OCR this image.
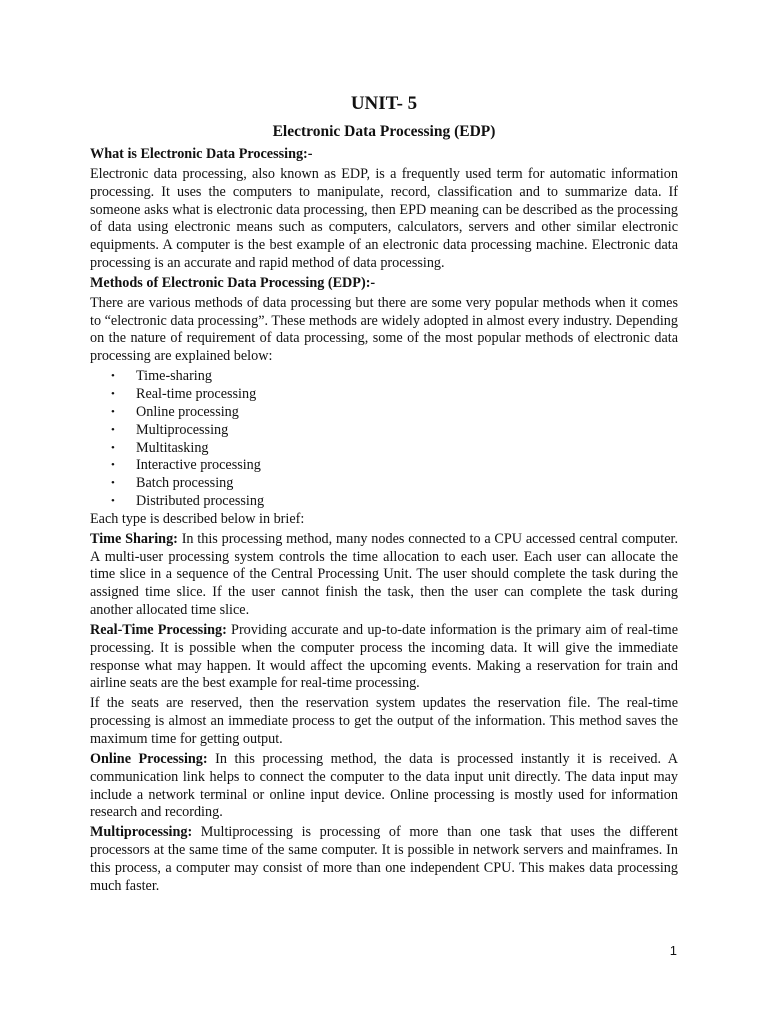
UNIT- 5
Electronic Data Processing (EDP)
What is Electronic Data Processing:-

Electronic data processing, also known as EDP, is a frequently used term for automatic information processing. It uses the computers to manipulate, record, classification and to summarize data. If someone asks what is electronic data processing, then EPD meaning can be described as the processing of data using electronic means such as computers, calculators, servers and other similar electronic equipments. A computer is the best example of an electronic data processing machine. Electronic data processing is an accurate and rapid method of data processing.

Methods of Electronic Data Processing (EDP):-

There are various methods of data processing but there are some very popular methods when it comes to “electronic data processing”. These methods are widely adopted in almost every industry. Depending on the nature of requirement of data processing, some of the most popular methods of electronic data processing are explained below:

• Time-sharing
• Real-time processing
• Online processing
• Multiprocessing
• Multitasking
• Interactive processing
• Batch processing
• Distributed processing

Each type is described below in brief:

Time Sharing: In this processing method, many nodes connected to a CPU accessed central computer. A multi-user processing system controls the time allocation to each user. Each user can allocate the time slice in a sequence of the Central Processing Unit. The user should complete the task during the assigned time slice. If the user cannot finish the task, then the user can complete the task during another allocated time slice.

Real-Time Processing: Providing accurate and up-to-date information is the primary aim of real-time processing. It is possible when the computer process the incoming data. It will give the immediate response what may happen. It would affect the upcoming events. Making a reservation for train and airline seats are the best example for real-time processing.

If the seats are reserved, then the reservation system updates the reservation file. The real-time processing is almost an immediate process to get the output of the information. This method saves the maximum time for getting output.

Online Processing: In this processing method, the data is processed instantly it is received. A communication link helps to connect the computer to the data input unit directly. The data input may include a network terminal or online input device. Online processing is mostly used for information research and recording.

Multiprocessing: Multiprocessing is processing of more than one task that uses the different processors at the same time of the same computer. It is possible in network servers and mainframes. In this process, a computer may consist of more than one independent CPU. This makes data processing much faster.

1
